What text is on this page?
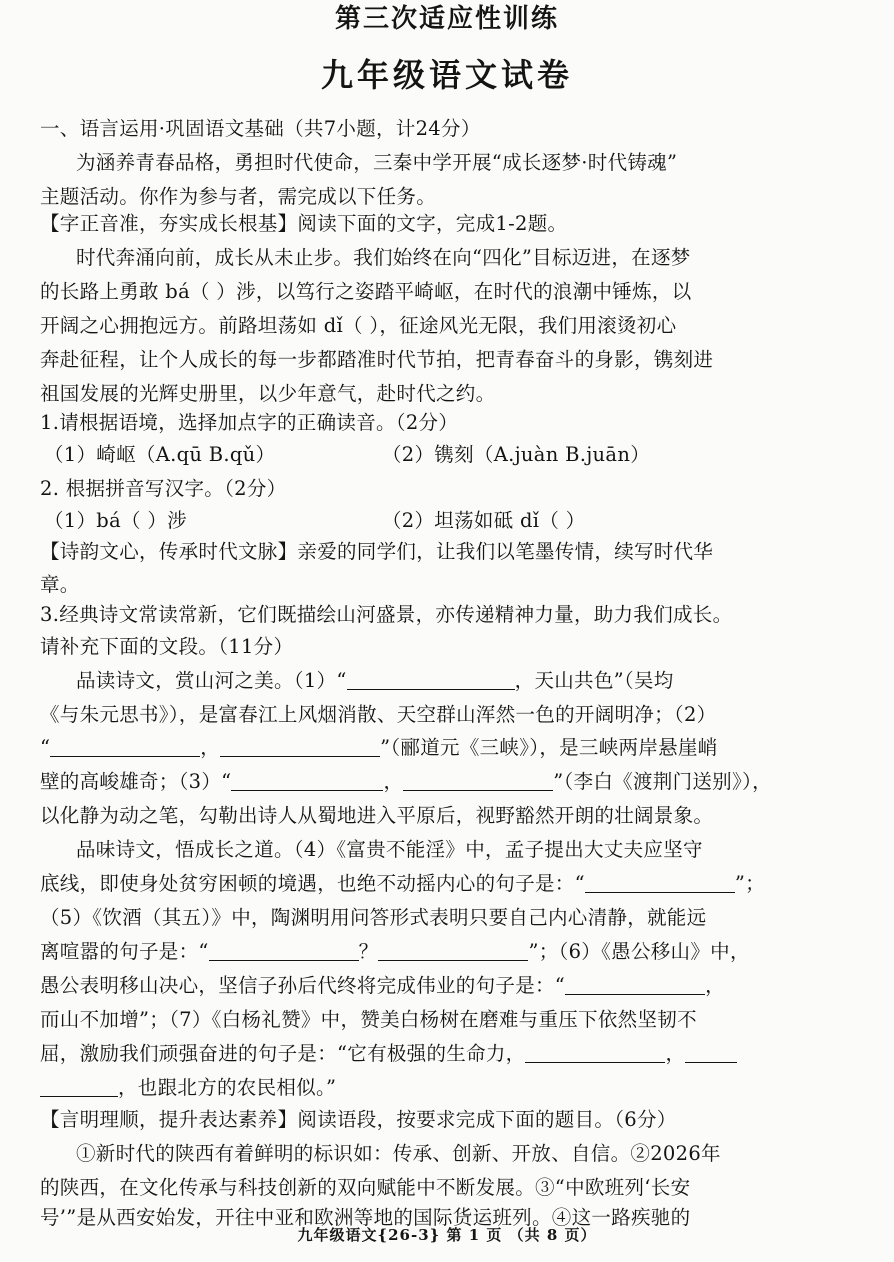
第三次适应性训练
九年级语文试卷
一、语言运用·巩固语文基础（共7小题，计24分）
为涵养青春品格，勇担时代使命，三秦中学开展“成长逐梦·时代铸魂”
主题活动。你作为参与者，需完成以下任务。
【字正音准，夯实成长根基】阅读下面的文字，完成1-2题。
时代奔涌向前，成长从未止步。我们始终在向“四化”目标迈进，在逐梦
的长路上勇敢 bá（ ）涉，以笃行之姿踏平崎岖，在时代的浪潮中锤炼，以
开阔之心拥抱远方。前路坦荡如 dǐ（ ），征途风光无限，我们用滚烫初心
奔赴征程，让个人成长的每一步都踏准时代节拍，把青春奋斗的身影，镌刻进
祖国发展的光辉史册里，以少年意气，赴时代之约。
1.请根据语境，选择加点字的正确读音。（2分）
（1）崎岖（A.qū B.qǔ）	（2）镌刻（A.juàn B.juān）
2. 根据拼音写汉字。（2分）
（1）bá（ ）涉	（2）坦荡如砥 dǐ（ ）
【诗韵文心，传承时代文脉】亲爱的同学们，让我们以笔墨传情，续写时代华
章。
3.经典诗文常读常新，它们既描绘山河盛景，亦传递精神力量，助力我们成长。
请补充下面的文段。（11分）
品读诗文，赏山河之美。（1）“	，天山共色”（吴均
《与朱元思书》），是富春江上风烟消散、天空群山浑然一色的开阔明净；（2）
“	，	”（郦道元《三峡》），是三峡两岸悬崖峭
壁的高峻雄奇；（3）“	，	”（李白《渡荆门送别》），
以化静为动之笔，勾勒出诗人从蜀地进入平原后，视野豁然开朗的壮阔景象。
品味诗文，悟成长之道。（4）《富贵不能淫》中，孟子提出大丈夫应坚守
底线，即使身处贫穷困顿的境遇，也绝不动摇内心的句子是：“	”；
（5）《饮酒（其五）》中，陶渊明用问答形式表明只要自己内心清静，就能远
离喧嚣的句子是：“	？	”；（6）《愚公移山》中，
愚公表明移山决心，坚信子孙后代终将完成伟业的句子是：“	，
而山不加增”；（7）《白杨礼赞》中，赞美白杨树在磨难与重压下依然坚韧不
屈，激励我们顽强奋进的句子是：“它有极强的生命力，	，
，也跟北方的农民相似。”
【言明理顺，提升表达素养】阅读语段，按要求完成下面的题目。（6分）
①新时代的陕西有着鲜明的标识如：传承、创新、开放、自信。②2026年
的陕西，在文化传承与科技创新的双向赋能中不断发展。③“中欧班列‘长安
号’”是从西安始发，开往中亚和欧洲等地的国际货运班列。④这一路疾驰的
九年级语文{26-3} 第 1 页 （共 8 页）
